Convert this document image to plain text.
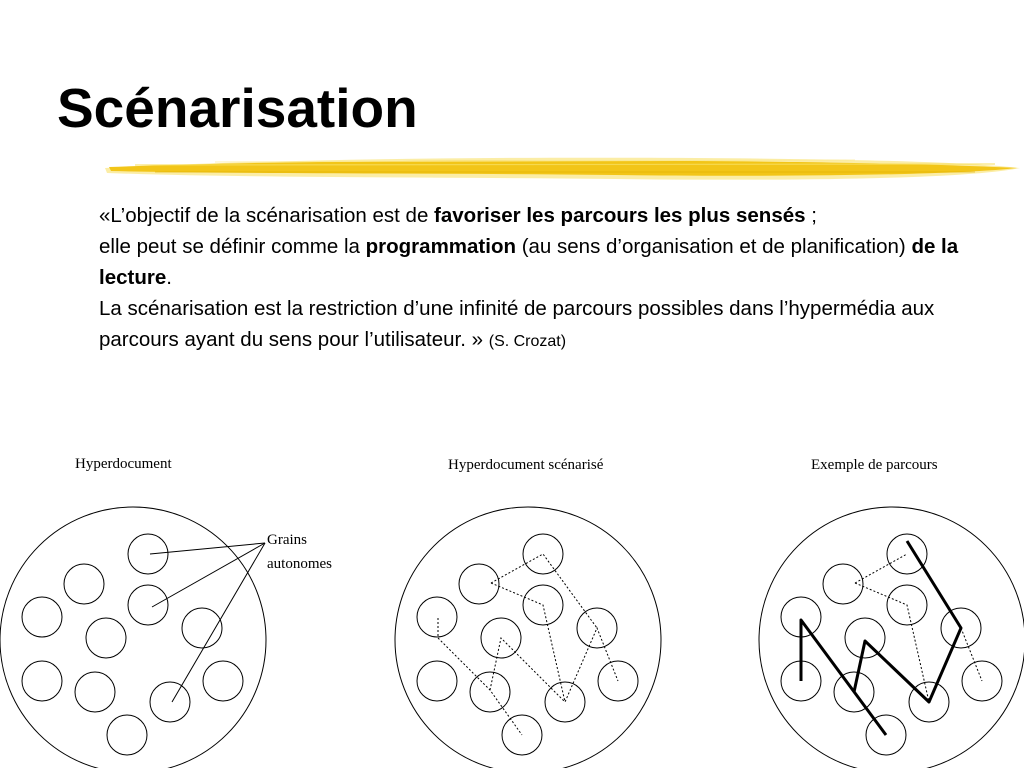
Scénarisation

«L’objectif de la scénarisation est de favoriser les parcours les plus sensés ;

elle peut se définir comme la programmation (au sens d’organisation et de planification) de la lecture.

La scénarisation est la restriction d’une infinité de parcours possibles dans l’hypermédia aux parcours ayant du sens pour l’utilisateur. » (S. Crozat)

Hyperdocument
Grains
autonomes
Hyperdocument scénarisé	Exemple de parcours
